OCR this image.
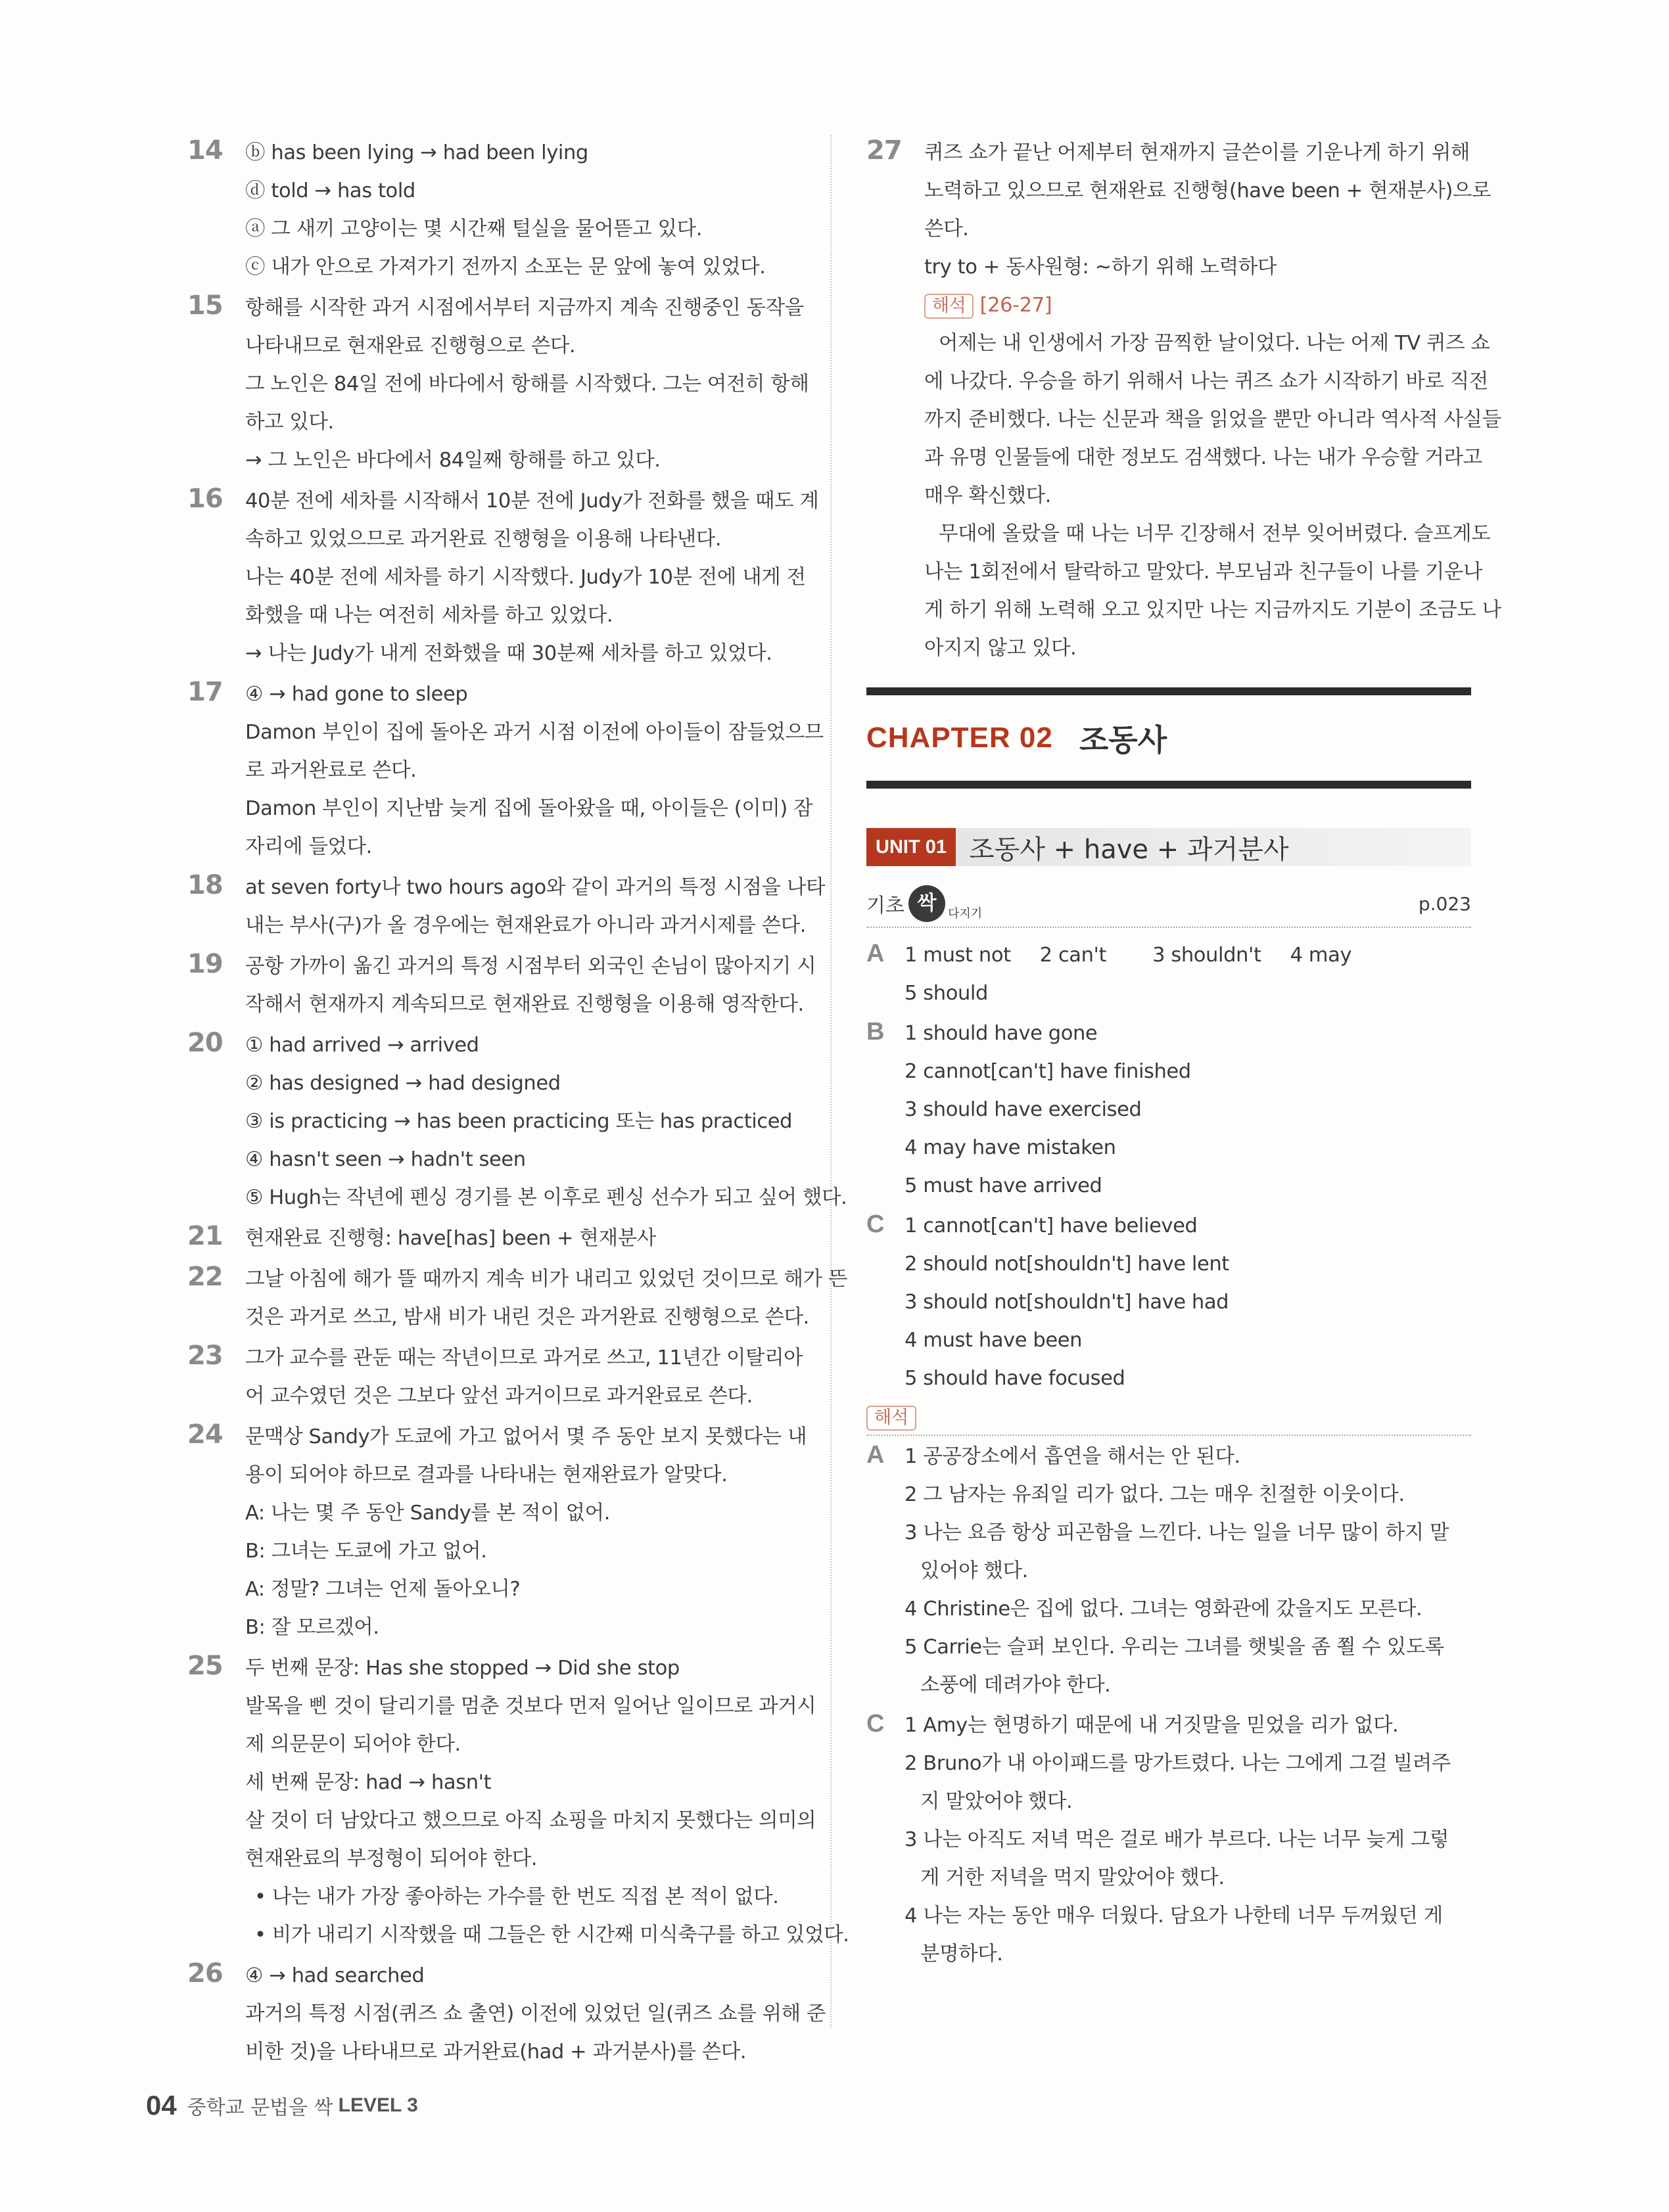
14 ⓑ has been lying → had been lying
ⓓ told → has told
ⓐ 그 새끼 고양이는 몇 시간째 털실을 물어뜯고 있다.
ⓒ 내가 안으로 가져가기 전까지 소포는 문 앞에 놓여 있었다.
15 항해를 시작한 과거 시점에서부터 지금까지 계속 진행중인 동작을
나타내므로 현재완료 진행형으로 쓴다.
그 노인은 84일 전에 바다에서 항해를 시작했다. 그는 여전히 항해
하고 있다.
→ 그 노인은 바다에서 84일째 항해를 하고 있다.
16 40분 전에 세차를 시작해서 10분 전에 Judy가 전화를 했을 때도 계
속하고 있었으므로 과거완료 진행형을 이용해 나타낸다.
나는 40분 전에 세차를 하기 시작했다. Judy가 10분 전에 내게 전
화했을 때 나는 여전히 세차를 하고 있었다.
→ 나는 Judy가 내게 전화했을 때 30분째 세차를 하고 있었다.
17 ④ → had gone to sleep
Damon 부인이 집에 돌아온 과거 시점 이전에 아이들이 잠들었으므
로 과거완료로 쓴다.
Damon 부인이 지난밤 늦게 집에 돌아왔을 때, 아이들은 (이미) 잠
자리에 들었다.
18 at seven forty나 two hours ago와 같이 과거의 특정 시점을 나타
내는 부사(구)가 올 경우에는 현재완료가 아니라 과거시제를 쓴다.
19 공항 가까이 옮긴 과거의 특정 시점부터 외국인 손님이 많아지기 시
작해서 현재까지 계속되므로 현재완료 진행형을 이용해 영작한다.
20 ① had arrived → arrived
② has designed → had designed
③ is practicing → has been practicing 또는 has practiced
④ hasn't seen → hadn't seen
⑤ Hugh는 작년에 펜싱 경기를 본 이후로 펜싱 선수가 되고 싶어 했다.
21 현재완료 진행형: have[has] been + 현재분사
22 그날 아침에 해가 뜰 때까지 계속 비가 내리고 있었던 것이므로 해가 뜬
것은 과거로 쓰고, 밤새 비가 내린 것은 과거완료 진행형으로 쓴다.
23 그가 교수를 관둔 때는 작년이므로 과거로 쓰고, 11년간 이탈리아
어 교수였던 것은 그보다 앞선 과거이므로 과거완료로 쓴다.
24 문맥상 Sandy가 도쿄에 가고 없어서 몇 주 동안 보지 못했다는 내
용이 되어야 하므로 결과를 나타내는 현재완료가 알맞다.
A: 나는 몇 주 동안 Sandy를 본 적이 없어.
B: 그녀는 도쿄에 가고 없어.
A: 정말? 그녀는 언제 돌아오니?
B: 잘 모르겠어.
25 두 번째 문장: Has she stopped → Did she stop
발목을 삔 것이 달리기를 멈춘 것보다 먼저 일어난 일이므로 과거시
제 의문문이 되어야 한다.
세 번째 문장: had → hasn't
살 것이 더 남았다고 했으므로 아직 쇼핑을 마치지 못했다는 의미의
현재완료의 부정형이 되어야 한다.
• 나는 내가 가장 좋아하는 가수를 한 번도 직접 본 적이 없다.
• 비가 내리기 시작했을 때 그들은 한 시간째 미식축구를 하고 있었다.
26 ④ → had searched
과거의 특정 시점(퀴즈 쇼 출연) 이전에 있었던 일(퀴즈 쇼를 위해 준
비한 것)을 나타내므로 과거완료(had + 과거분사)를 쓴다.
27 퀴즈 쇼가 끝난 어제부터 현재까지 글쓴이를 기운나게 하기 위해
노력하고 있으므로 현재완료 진행형(have been + 현재분사)으로
쓴다.
try to + 동사원형: ~하기 위해 노력하다
해석 [26-27]
어제는 내 인생에서 가장 끔찍한 날이었다. 나는 어제 TV 퀴즈 쇼
에 나갔다. 우승을 하기 위해서 나는 퀴즈 쇼가 시작하기 바로 직전
까지 준비했다. 나는 신문과 책을 읽었을 뿐만 아니라 역사적 사실들
과 유명 인물들에 대한 정보도 검색했다. 나는 내가 우승할 거라고
매우 확신했다.
무대에 올랐을 때 나는 너무 긴장해서 전부 잊어버렸다. 슬프게도
나는 1회전에서 탈락하고 말았다. 부모님과 친구들이 나를 기운나
게 하기 위해 노력해 오고 있지만 나는 지금까지도 기분이 조금도 나
아지지 않고 있다.
CHAPTER 02 조동사
UNIT 01 조동사 + have + 과거분사
기초 싹 다지기	p.023
A 1 must not 2 can't 3 shouldn't 4 may
5 should
B 1 should have gone
2 cannot[can't] have finished
3 should have exercised
4 may have mistaken
5 must have arrived
C 1 cannot[can't] have believed
2 should not[shouldn't] have lent
3 should not[shouldn't] have had
4 must have been
5 should have focused
해석
A 1 공공장소에서 흡연을 해서는 안 된다.
2 그 남자는 유죄일 리가 없다. 그는 매우 친절한 이웃이다.
3 나는 요즘 항상 피곤함을 느낀다. 나는 일을 너무 많이 하지 말
있어야 했다.
4 Christine은 집에 없다. 그녀는 영화관에 갔을지도 모른다.
5 Carrie는 슬퍼 보인다. 우리는 그녀를 햇빛을 좀 쬘 수 있도록
소풍에 데려가야 한다.
C 1 Amy는 현명하기 때문에 내 거짓말을 믿었을 리가 없다.
2 Bruno가 내 아이패드를 망가트렸다. 나는 그에게 그걸 빌려주
지 말았어야 했다.
3 나는 아직도 저녁 먹은 걸로 배가 부르다. 나는 너무 늦게 그렇
게 거한 저녁을 먹지 말았어야 했다.
4 나는 자는 동안 매우 더웠다. 담요가 나한테 너무 두꺼웠던 게
분명하다.
04 중학교 문법을 싹 LEVEL 3
